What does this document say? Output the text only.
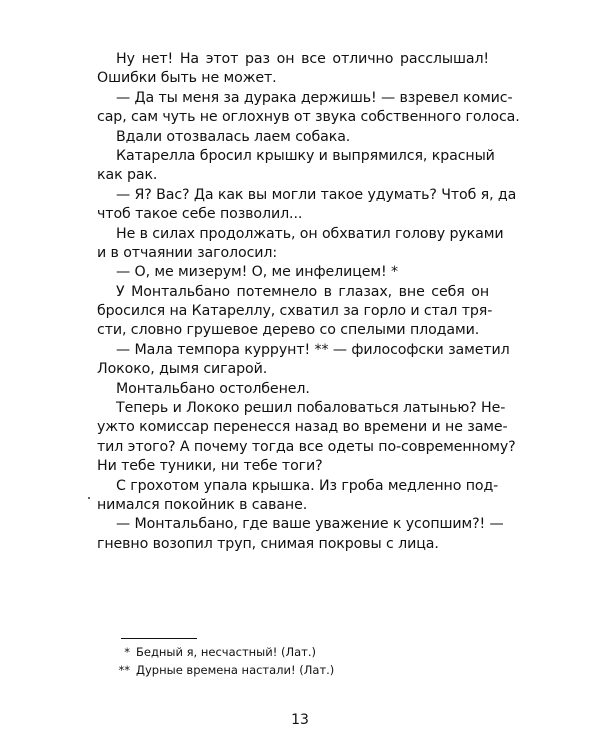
Ну нет! На этот раз он все отлично расслышал!
Ошибки быть не может.
— Да ты меня за дурака держишь! — взревел комис-
сар, сам чуть не оглохнув от звука собственного голоса.
Вдали отозвалась лаем собака.
Катарелла бросил крышку и выпрямился, красный
как рак.
— Я? Вас? Да как вы могли такое удумать? Чтоб я, да
чтоб такое себе позволил...
Не в силах продолжать, он обхватил голову руками
и в отчаянии заголосил:
— О, ме мизерум! О, ме инфелицем! *
У Монтальбано потемнело в глазах, вне себя он
бросился на Катареллу, схватил за горло и стал тря-
сти, словно грушевое дерево со спелыми плодами.
— Мала темпора куррунт! ** — философски заметил
Лококо, дымя сигарой.
Монтальбано остолбенел.
Теперь и Лококо решил побаловаться латынью? Не-
ужто комиссар перенесся назад во времени и не заме-
тил этого? А почему тогда все одеты по-современному?
Ни тебе туники, ни тебе тоги?
С грохотом упала крышка. Из гроба медленно под-
нимался покойник в саване.
— Монтальбано, где ваше уважение к усопшим?! —
гневно возопил труп, снимая покровы с лица.
* Бедный я, несчастный! (Лат.)
** Дурные времена настали! (Лат.)
13
